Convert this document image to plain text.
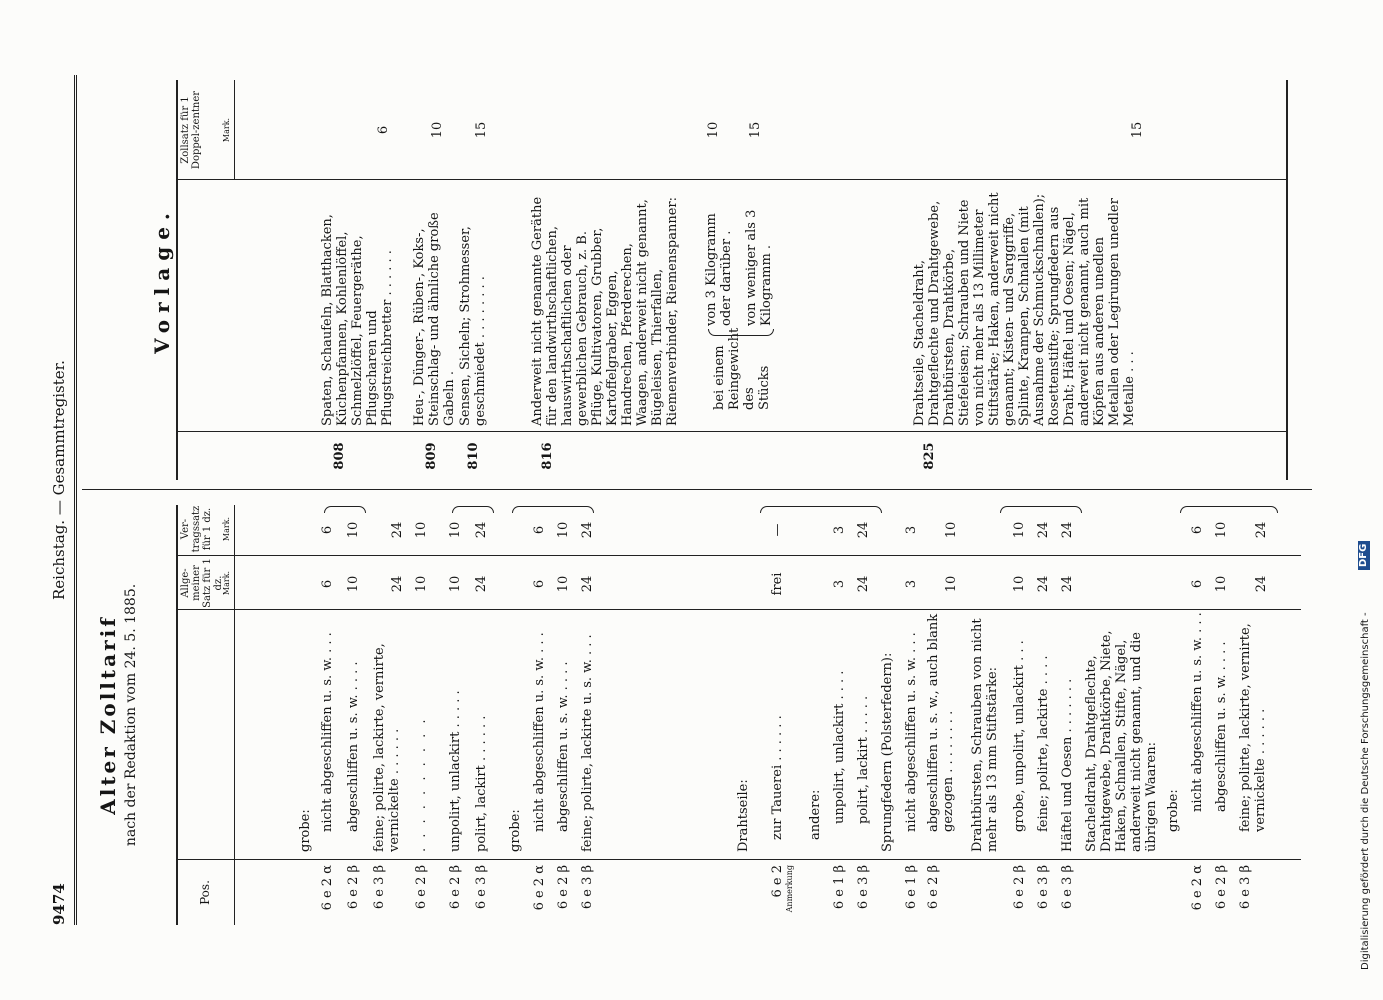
9474
Reichstag. — Gesammtregister.
Alter Zolltarif nach der Redaktion vom 24. 5. 1885.
Pos.
Allge-meiner Satz für 1 dz.
Mark.
Ver-tragssatz für 1 dz. Mark.
grobe:
6 e 2 α
nicht abgeschliffen u. s. w. . . .
6
6
6 e 2 β
abgeschliffen u. s. w. . . . .
10
10
6 e 3 β
feine; polirte, lackirte, vernirte, vernickelte . . . . . .
24
24
6 e 2 β
. . . . . . . . . .
10
10
6 e 2 β
unpolirt, unlackirt . . . . .
10
10
6 e 3 β
polirt, lackirt . . . . . .
24
24
grobe:
6 e 2 α
nicht abgeschliffen u. s. w. . . .
6
6
6 e 2 β
abgeschliffen u. s. w. . . . .
10
10
6 e 3 β
feine; polirte, lackirte u. s. w. . . .
24
24
Drahtseile:
6 e 2 Anmerkung
zur Tauerei . . . . . .
frei
—
andere:
6 e 1 β
unpolirt, unlackirt . . . .
3
3
6 e 3 β
polirt, lackirt . . . . .
24
24
Sprungfedern (Polsterfedern):
6 e 1 β
nicht abgeschliffen u. s. w. . . .
3
3
6 e 2 β
abgeschliffen u. s. w., auch blank gezogen . . . . . . . .
10
10
Drahtbürsten, Schrauben von nicht mehr als 13 mm Stiftstärke:
6 e 2 β
grobe, unpolirt, unlackirt . . .
10
10
6 e 3 β
feine; polirte, lackirte . . . .
24
24
6 e 3 β
Häftel und Oesen . . . . . . .
24
24
Stacheldraht, Drahtgeflechte, Drahtgewebe, Drahtkörbe, Niete, Haken, Schnallen, Stifte, Nägel, anderweit nicht genannt, und die übrigen Waaren: grobe:
6 e 2 α
nicht abgeschliffen u. s. w. . . .
6
6
6 e 2 β
abgeschliffen u. s. w. . . . .
10
10
6 e 3 β
feine; polirte, lackirte, vernirte, vernickelte . . . . . .
24
24
Vorlage.
Zollsatz für 1 Doppel-zentner	Mark.
808
Spaten, Schaufeln, Blatthacken, Küchenpfannen, Kohlenlöffel, Schmelzlöffel, Feuergeräthe, Pflugscharen und Pflugstreichbretter . . . . . .
6
809
Heu-, Dünger-, Rüben-, Koks-, Steinschlag- und ähnliche große Gabeln .
10
810
Sensen, Sicheln; Strohmesser, geschmiedet . . . . . . . .
15
816
Anderweit nicht genannte Geräthe für den landwirthschaftlichen, hauswirthschaftlichen oder gewerblichen Gebrauch, z. B. Pflüge, Kultivatoren, Grubber, Kartoffelgraber, Eggen, Handrechen, Pferderechen, Waagen, anderweit nicht genannt, Bügeleisen, Thierfallen, Riemenverbinder, Riemenspanner: bei einem Reingewicht des Stücks
von 3 Kilogramm oder darüber .
10
von weniger als 3 Kilogramm .
15
825
Drahtseile, Stacheldraht, Drahtgeflechte und Drahtgewebe, Drahtbürsten, Drahtkörbe, Stiefeleisen; Schrauben und Niete von nicht mehr als 13 Millimeter Stiftstärke; Haken, anderweit nicht genannt; Kisten- und Sarggriffe, Splinte, Krampen, Schnallen (mit Ausnahme der Schmuckschnallen); Rosettenstifte; Sprungfedern aus Draht; Häftel und Oesen; Nägel, anderweit nicht genannt, auch mit Köpfen aus anderen unedlen Metallen oder Legirungen unedler Metalle . . .
15
Digitalisierung gefördert durch die Deutsche Forschungsgemeinschaft -
DFG
